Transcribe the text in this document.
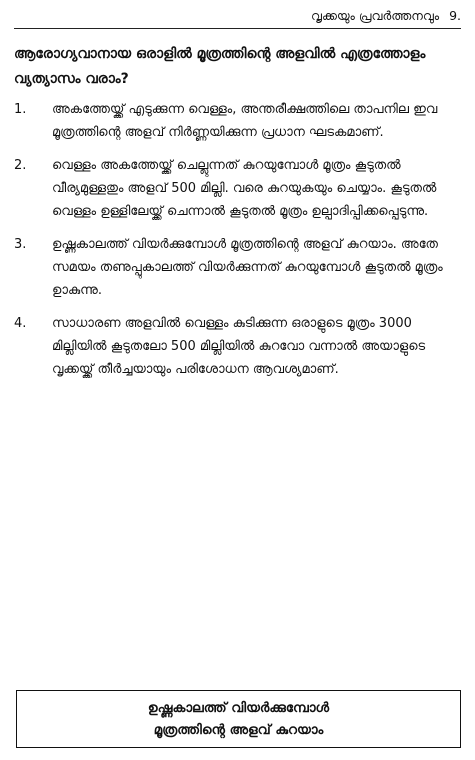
വൃക്കയും പ്രവർത്തനവും 9.
ആരോഗ്യവാനായ ഒരാളിൽ മൂത്രത്തിന്റെ അളവിൽ എത്രത്തോളം വ്യത്യാസം വരാം?
1.	അകത്തേയ്ക്ക് എടുക്കുന്ന വെള്ളം, അന്തരീക്ഷത്തിലെ താപനില ഇവ മൂത്രത്തിന്റെ അളവ് നിർണ്ണയിക്കുന്ന പ്രധാന ഘടകമാണ്.
2.	വെള്ളം അകത്തേയ്ക്ക് ചെല്ലുന്നത് കുറയുമ്പോൾ മൂത്രം കൂടുതൽ വീര്യമുള്ളതും അളവ് 500 മില്ലി. വരെ കുറയുകയും ചെയ്യാം. കൂടുതൽ വെള്ളം ഉള്ളിലേയ്ക്ക് ചെന്നാൽ കൂടുതൽ മൂത്രം ഉല്പാദിപ്പിക്കപ്പെടുന്നു.
3.	ഉഷ്ണകാലത്ത് വിയർക്കുമ്പോൾ മൂത്രത്തിന്റെ അളവ് കുറയാം. അതേ സമയം തണുപ്പുകാലത്ത് വിയർക്കുന്നത് കുറയുമ്പോൾ കൂടുതൽ മൂത്രം ഉാകുന്നു.
4.	സാധാരണ അളവിൽ വെള്ളം കുടിക്കുന്ന ഒരാളുടെ മൂത്രം 3000 മില്ലിയിൽ കൂടുതലോ 500 മില്ലിയിൽ കുറവോ വന്നാൽ അയാളുടെ വൃക്കയ്ക്ക് തീർച്ചയായും പരിശോധന ആവശ്യമാണ്.
ഉഷ്ണകാലത്ത് വിയർക്കുമ്പോൾ
മൂത്രത്തിന്റെ അളവ് കുറയാം
